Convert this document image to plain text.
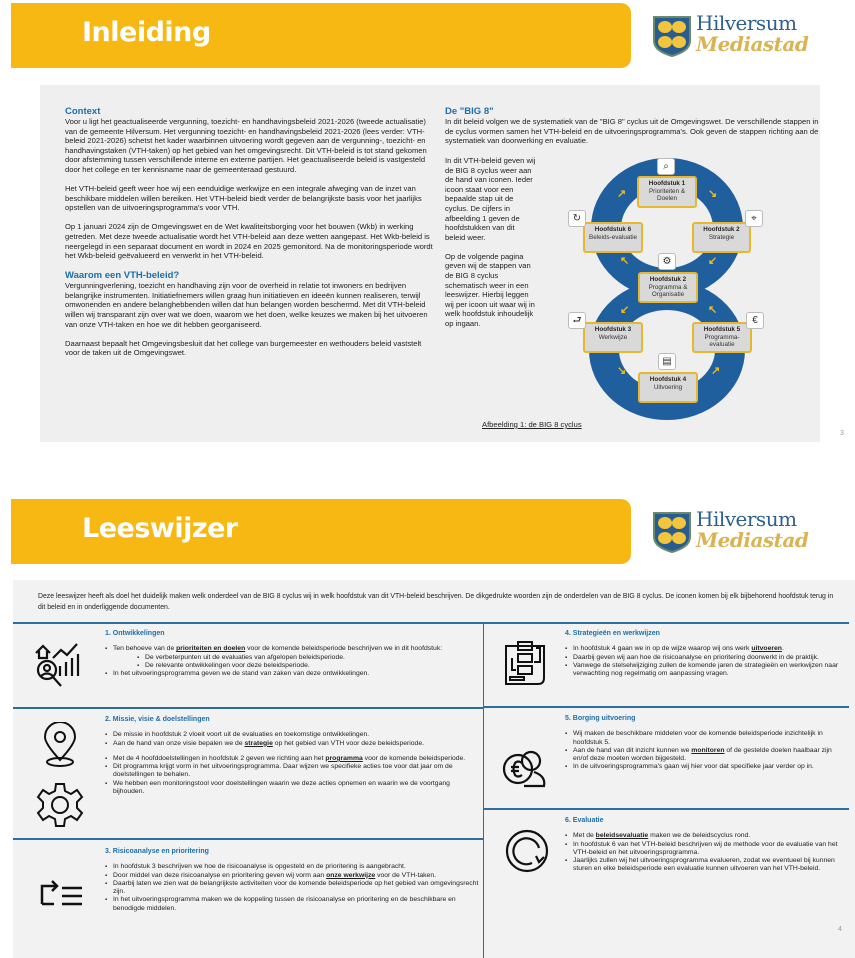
Inleiding	Hilversum
Mediastad
Context

Voor u ligt het geactualiseerde vergunning, toezicht- en handhavingsbeleid 2021-2026 (tweede actualisatie) van de gemeente Hilversum. Het vergunning toezicht- en handhavingsbeleid 2021-2026 (lees verder: VTH-beleid 2021-2026) schetst het kader waarbinnen uitvoering wordt gegeven aan de vergunning-, toezicht- en handhavingstaken (VTH-taken) op het gebied van het omgevingsrecht. Dit VTH-beleid is tot stand gekomen door afstemming tussen verschillende interne en externe partijen. Het geactualiseerde beleid is vastgesteld door het college en ter kennisname naar de gemeenteraad gestuurd.

Het VTH-beleid geeft weer hoe wij een eenduidige werkwijze en een integrale afweging van de inzet van beschikbare middelen willen bereiken. Het VTH-beleid biedt verder de belangrijkste basis voor het jaarlijks opstellen van de uitvoeringsprogramma's voor VTH.

Op 1 januari 2024 zijn de Omgevingswet en de Wet kwaliteitsborging voor het bouwen (Wkb) in werking getreden. Met deze tweede actualisatie wordt het VTH-beleid aan deze wetten aangepast. Het Wkb-beleid is neergelegd in een separaat document en wordt in 2024 en 2025 gemonitord. Na de monitoringsperiode wordt het Wkb-beleid geëvalueerd en verwerkt in het VTH-beleid.

Waarom een VTH-beleid?

Vergunningverlening, toezicht en handhaving zijn voor de overheid in relatie tot inwoners en bedrijven belangrijke instrumenten. Initiatiefnemers willen graag hun initiatieven en ideeën kunnen realiseren, terwijl omwonenden en andere belanghebbenden willen dat hun belangen worden beschermd. Met dit VTH-beleid willen wij transparant zijn over wat we doen, waarom we het doen, welke keuzes we maken bij het uitvoeren van onze VTH-taken en hoe we dit hebben georganiseerd.

Daarnaast bepaalt het Omgevingsbesluit dat het college van burgemeester en wethouders beleid vaststelt voor de taken uit de Omgevingswet.

De "BIG 8"

In dit beleid volgen we de systematiek van de "BIG 8" cyclus uit de Omgevingswet. De verschillende stappen in de cyclus vormen samen het VTH-beleid en de uitvoeringsprogramma's. Ook geven de stappen richting aan de systematiek van doorwerking en evaluatie.

In dit VTH-beleid geven wij de BIG 8 cyclus weer aan de hand van iconen. Ieder icoon staat voor een bepaalde stap uit de cyclus. De cijfers in afbeelding 1 geven de hoofdstukken van dit beleid weer.

Op de volgende pagina geven wij de stappen van de BIG 8 cyclus schematisch weer in een leeswijzer. Hierbij leggen wij per icoon uit waar wij in welk hoofdstuk inhoudelijk op ingaan.

↗	↘
↙
↖
↙	↖
↘	↗
Hoofdstuk 1
Prioriteiten & Doelen
Hoofdstuk 2
Strategie
Hoofdstuk 2
Programma & Organisatie
Hoofdstuk 3
Werkwijze
Hoofdstuk 4
Uitvoering
Hoofdstuk 5
Programma-evaluatie
Hoofdstuk 6
Beleids-evaluatie
⌕
⌖
↻
⚙
⮐	€
▤
Afbeelding 1: de BIG 8 cyclus
3
Leeswijzer	Hilversum
Mediastad
Deze leeswijzer heeft als doel het duidelijk maken welk onderdeel van de BIG 8 cyclus wij in welk hoofdstuk van dit VTH-beleid beschrijven. De dikgedrukte woorden zijn de onderdelen van de BIG 8 cyclus. De iconen komen bij elk bijbehorend hoofdstuk terug in dit beleid en in onderliggende documenten.
1. Ontwikkelingen
▪ Ten behoeve van de prioriteiten en doelen voor de komende beleidsperiode beschrijven we in dit hoofdstuk:
▪ De verbeterpunten uit de evaluaties van afgelopen beleidsperiode.
▪ De relevante ontwikkelingen voor deze beleidsperiode.
▪ In het uitvoeringsprogramma geven we de stand van zaken van deze ontwikkelingen.
2. Missie, visie & doelstellingen
▪ De missie in hoofdstuk 2 vloeit voort uit de evaluaties en toekomstige ontwikkelingen.
▪ Aan de hand van onze visie bepalen we de strategie op het gebied van VTH voor deze beleidsperiode.
▪ Met de 4 hoofddoelstellingen in hoofdstuk 2 geven we richting aan het programma voor de komende beleidsperiode.
▪ Dit programma krijgt vorm in het uitvoeringsprogramma. Daar wijzen we specifieke acties toe voor dat jaar om de doelstellingen te behalen.
▪ We hebben een monitoringstool voor doelstellingen waarin we deze acties opnemen en waarin we de voortgang bijhouden.
3. Risicoanalyse en prioritering
▪ In hoofdstuk 3 beschrijven we hoe de risicoanalyse is opgesteld en de prioritering is aangebracht.
▪ Door middel van deze risicoanalyse en prioritering geven wij vorm aan onze werkwijze voor de VTH-taken.
▪ Daarbij laten we zien wat de belangrijkste activiteiten voor de komende beleidsperiode op het gebied van omgevingsrecht zijn.
▪ In het uitvoeringsprogramma maken we de koppeling tussen de risicoanalyse en prioritering en de beschikbare en benodigde middelen.
4. Strategieën en werkwijzen
▪ In hoofdstuk 4 gaan we in op de wijze waarop wij ons werk uitvoeren.
▪ Daarbij geven wij aan hoe de risicoanalyse en prioritering doorwerkt in de praktijk.
▪ Vanwege de stelselwijziging zullen de komende jaren de strategieën en werkwijzen naar verwachting nog regelmatig om aanpassing vragen.
5. Borging uitvoering
▪ Wij maken de beschikbare middelen voor de komende beleidsperiode inzichtelijk in hoofdstuk 5.
▪ Aan de hand van dit inzicht kunnen we monitoren of de gestelde doelen haalbaar zijn en/of deze moeten worden bijgesteld.
▪ In de uitvoeringsprogramma's gaan wij hier voor dat specifieke jaar verder op in.
6. Evaluatie
▪ Met de beleidsevaluatie maken we de beleidscyclus rond.
▪ In hoofdstuk 6 van het VTH-beleid beschrijven wij de methode voor de evaluatie van het VTH-beleid en het uitvoeringsprogramma.
▪ Jaarlijks zullen wij het uitvoeringsprogramma evalueren, zodat we eventueel bij kunnen sturen en elke beleidsperiode een evaluatie kunnen uitvoeren van het VTH-beleid.
4
